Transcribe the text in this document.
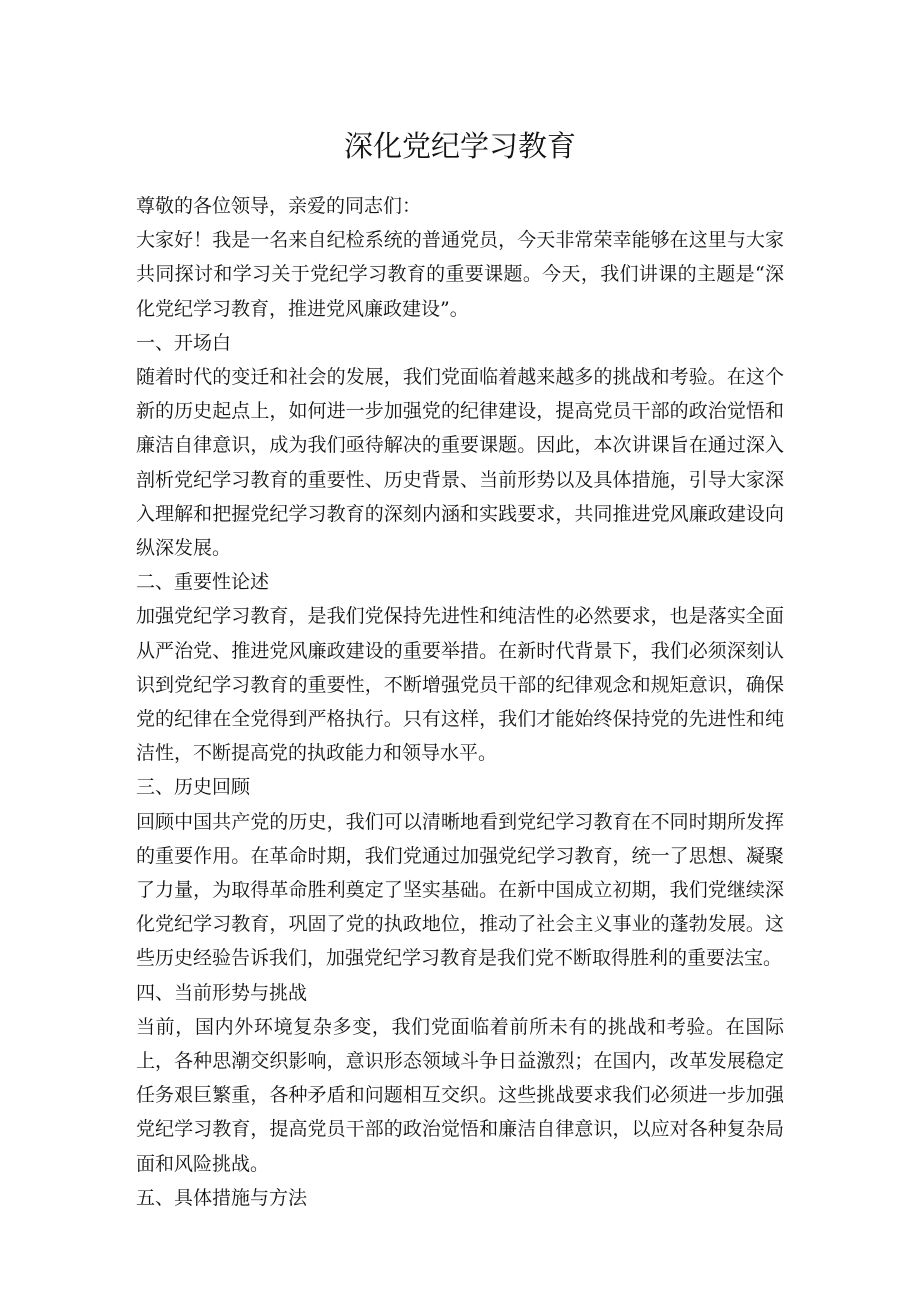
深化党纪学习教育

尊敬的各位领导，亲爱的同志们：

大家好！我是一名来自纪检系统的普通党员，今天非常荣幸能够在这里与大家共同探讨和学习关于党纪学习教育的重要课题。今天，我们讲课的主题是“深化党纪学习教育，推进党风廉政建设”。

一、开场白

随着时代的变迁和社会的发展，我们党面临着越来越多的挑战和考验。在这个新的历史起点上，如何进一步加强党的纪律建设，提高党员干部的政治觉悟和廉洁自律意识，成为我们亟待解决的重要课题。因此，本次讲课旨在通过深入剖析党纪学习教育的重要性、历史背景、当前形势以及具体措施，引导大家深入理解和把握党纪学习教育的深刻内涵和实践要求，共同推进党风廉政建设向纵深发展。

二、重要性论述

加强党纪学习教育，是我们党保持先进性和纯洁性的必然要求，也是落实全面从严治党、推进党风廉政建设的重要举措。在新时代背景下，我们必须深刻认识到党纪学习教育的重要性，不断增强党员干部的纪律观念和规矩意识，确保党的纪律在全党得到严格执行。只有这样，我们才能始终保持党的先进性和纯洁性，不断提高党的执政能力和领导水平。

三、历史回顾

回顾中国共产党的历史，我们可以清晰地看到党纪学习教育在不同时期所发挥的重要作用。在革命时期，我们党通过加强党纪学习教育，统一了思想、凝聚了力量，为取得革命胜利奠定了坚实基础。在新中国成立初期，我们党继续深化党纪学习教育，巩固了党的执政地位，推动了社会主义事业的蓬勃发展。这些历史经验告诉我们，加强党纪学习教育是我们党不断取得胜利的重要法宝。

四、当前形势与挑战

当前，国内外环境复杂多变，我们党面临着前所未有的挑战和考验。在国际上，各种思潮交织影响，意识形态领域斗争日益激烈；在国内，改革发展稳定任务艰巨繁重，各种矛盾和问题相互交织。这些挑战要求我们必须进一步加强党纪学习教育，提高党员干部的政治觉悟和廉洁自律意识，以应对各种复杂局面和风险挑战。

五、具体措施与方法
